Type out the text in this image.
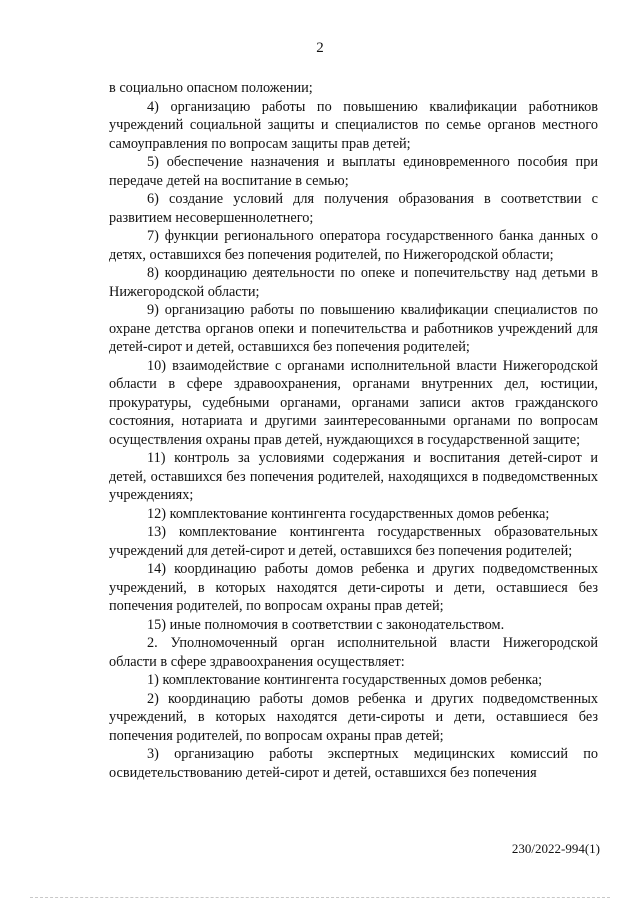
2

в социально опасном положении;

4) организацию работы по повышению квалификации работников учреждений социальной защиты и специалистов по семье органов местного самоуправления по вопросам защиты прав детей;

5) обеспечение назначения и выплаты единовременного пособия при передаче детей на воспитание в семью;

6) создание условий для получения образования в соответствии с развитием несовершеннолетнего;

7) функции регионального оператора государственного банка данных о детях, оставшихся без попечения родителей, по Нижегородской области;

8) координацию деятельности по опеке и попечительству над детьми в Нижегородской области;

9) организацию работы по повышению квалификации специалистов по охране детства органов опеки и попечительства и работников учреждений для детей-сирот и детей, оставшихся без попечения родителей;

10) взаимодействие с органами исполнительной власти Нижегородской области в сфере здравоохранения, органами внутренних дел, юстиции, прокуратуры, судебными органами, органами записи актов гражданского состояния, нотариата и другими заинтересованными органами по вопросам осуществления охраны прав детей, нуждающихся в государственной защите;

11) контроль за условиями содержания и воспитания детей-сирот и детей, оставшихся без попечения родителей, находящихся в подведомственных учреждениях;

12) комплектование контингента государственных домов ребенка;

13) комплектование контингента государственных образовательных учреждений для детей-сирот и детей, оставшихся без попечения родителей;

14) координацию работы домов ребенка и других подведомственных учреждений, в которых находятся дети-сироты и дети, оставшиеся без попечения родителей, по вопросам охраны прав детей;

15) иные полномочия в соответствии с законодательством.

2. Уполномоченный орган исполнительной власти Нижегородской области в сфере здравоохранения осуществляет:

1) комплектование контингента государственных домов ребенка;

2) координацию работы домов ребенка и других подведомственных учреждений, в которых находятся дети-сироты и дети, оставшиеся без попечения родителей, по вопросам охраны прав детей;

3) организацию работы экспертных медицинских комиссий по освидетельствованию детей-сирот и детей, оставшихся без попечения

230/2022-994(1)
